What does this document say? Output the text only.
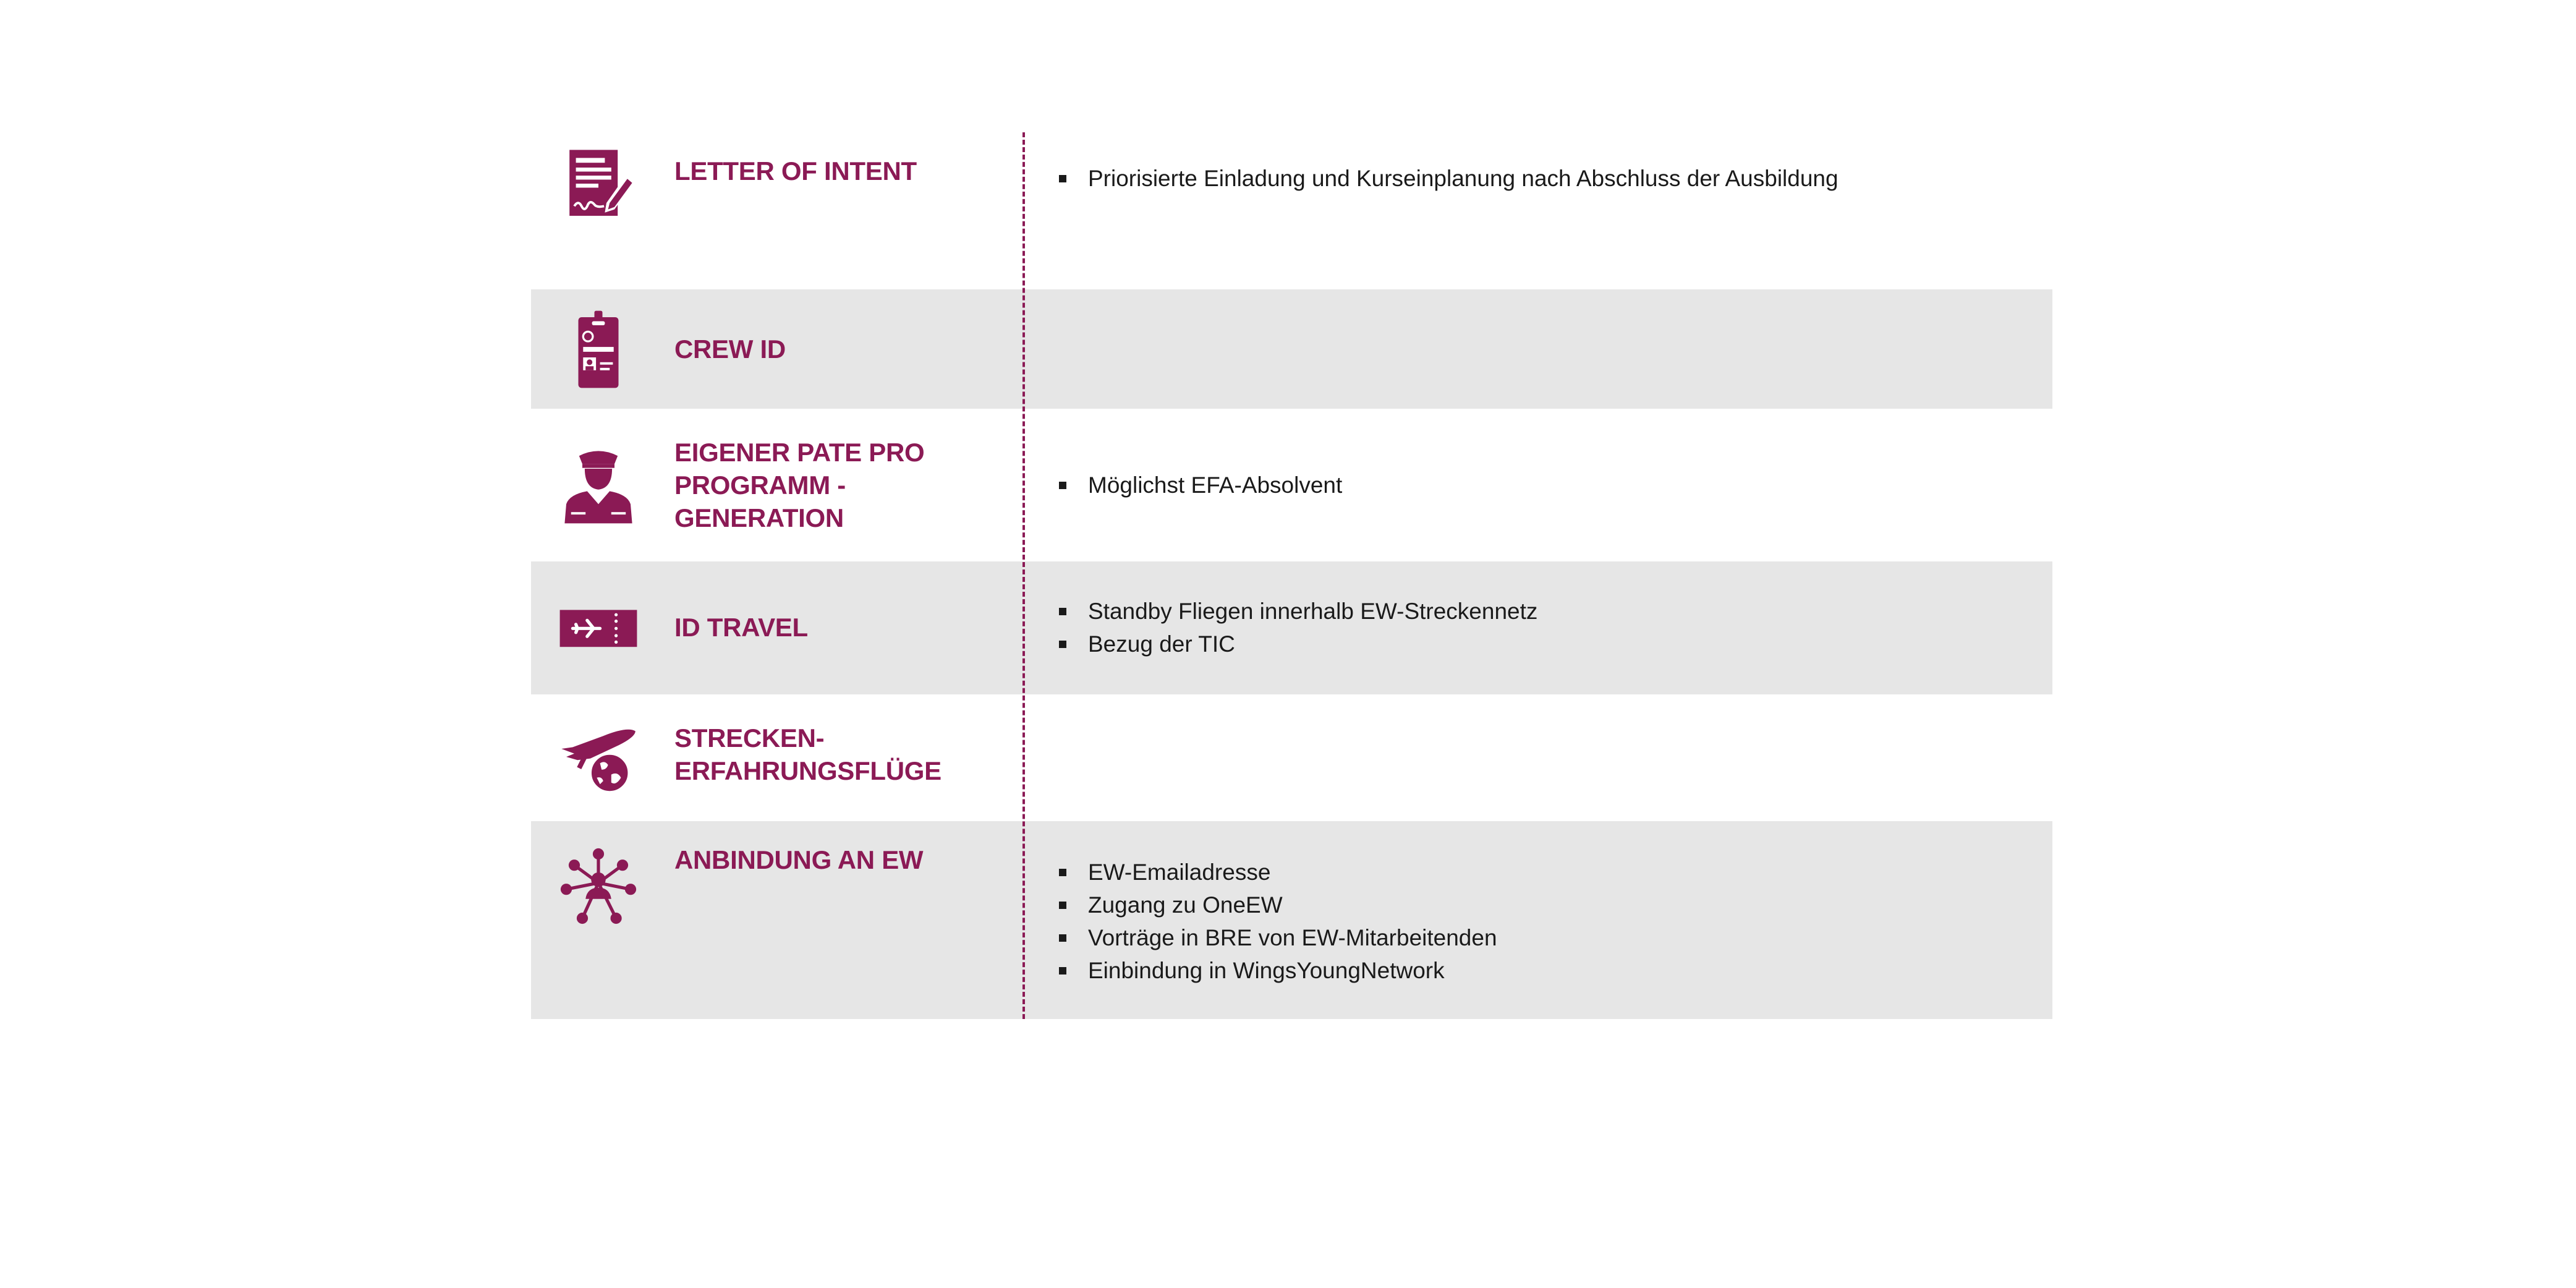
LETTER OF INTENT	Priorisierte Einladung und Kurseinplanung nach Abschluss der Ausbildung
CREW ID
EIGENER PATE PRO
PROGRAMM -
GENERATION
Möglichst EFA-Absolvent
ID TRAVEL
Standby Fliegen innerhalb EW-Streckennetz
Bezug der TIC
STRECKEN-
ERFAHRUNGSFLÜGE
ANBINDUNG AN EW	EW-Emailadresse
Zugang zu OneEW
Vorträge in BRE von EW-Mitarbeitenden
Einbindung in WingsYoungNetwork
